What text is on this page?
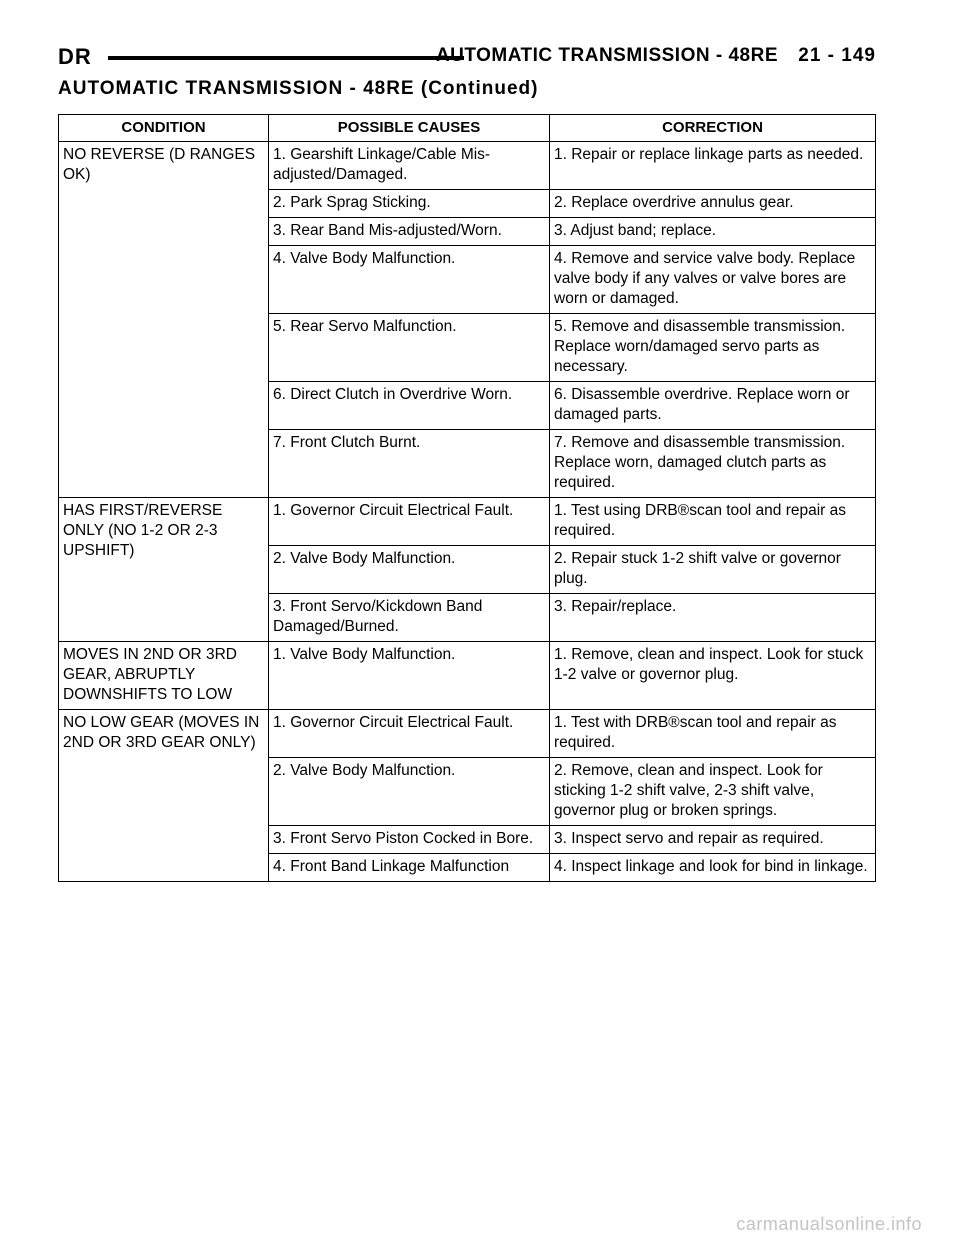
DR	AUTOMATIC TRANSMISSION - 48RE 21 - 149
AUTOMATIC TRANSMISSION - 48RE (Continued)
CONDITION	POSSIBLE CAUSES	CORRECTION
NO REVERSE (D RANGES OK)	1. Gearshift Linkage/Cable Mis-adjusted/Damaged.	1. Repair or replace linkage parts as needed.
	2. Park Sprag Sticking.	2. Replace overdrive annulus gear.
	3. Rear Band Mis-adjusted/Worn.	3. Adjust band; replace.
	4. Valve Body Malfunction.	4. Remove and service valve body. Replace valve body if any valves or valve bores are worn or damaged.
	5. Rear Servo Malfunction.	5. Remove and disassemble transmission. Replace worn/damaged servo parts as necessary.
	6. Direct Clutch in Overdrive Worn.	6. Disassemble overdrive. Replace worn or damaged parts.
	7. Front Clutch Burnt.	7. Remove and disassemble transmission. Replace worn, damaged clutch parts as required.
HAS FIRST/REVERSE ONLY (NO 1-2 OR 2-3 UPSHIFT)	1. Governor Circuit Electrical Fault.	1. Test using DRB®scan tool and repair as required.
	2. Valve Body Malfunction.	2. Repair stuck 1-2 shift valve or governor plug.
	3. Front Servo/Kickdown Band Damaged/Burned.	3. Repair/replace.
MOVES IN 2ND OR 3RD GEAR, ABRUPTLY DOWNSHIFTS TO LOW	1. Valve Body Malfunction.	1. Remove, clean and inspect. Look for stuck 1-2 valve or governor plug.
NO LOW GEAR (MOVES IN 2ND OR 3RD GEAR ONLY)	1. Governor Circuit Electrical Fault.	1. Test with DRB®scan tool and repair as required.
	2. Valve Body Malfunction.	2. Remove, clean and inspect. Look for sticking 1-2 shift valve, 2-3 shift valve, governor plug or broken springs.
	3. Front Servo Piston Cocked in Bore.	3. Inspect servo and repair as required.
	4. Front Band Linkage Malfunction	4. Inspect linkage and look for bind in linkage.
carmanualsonline.info
